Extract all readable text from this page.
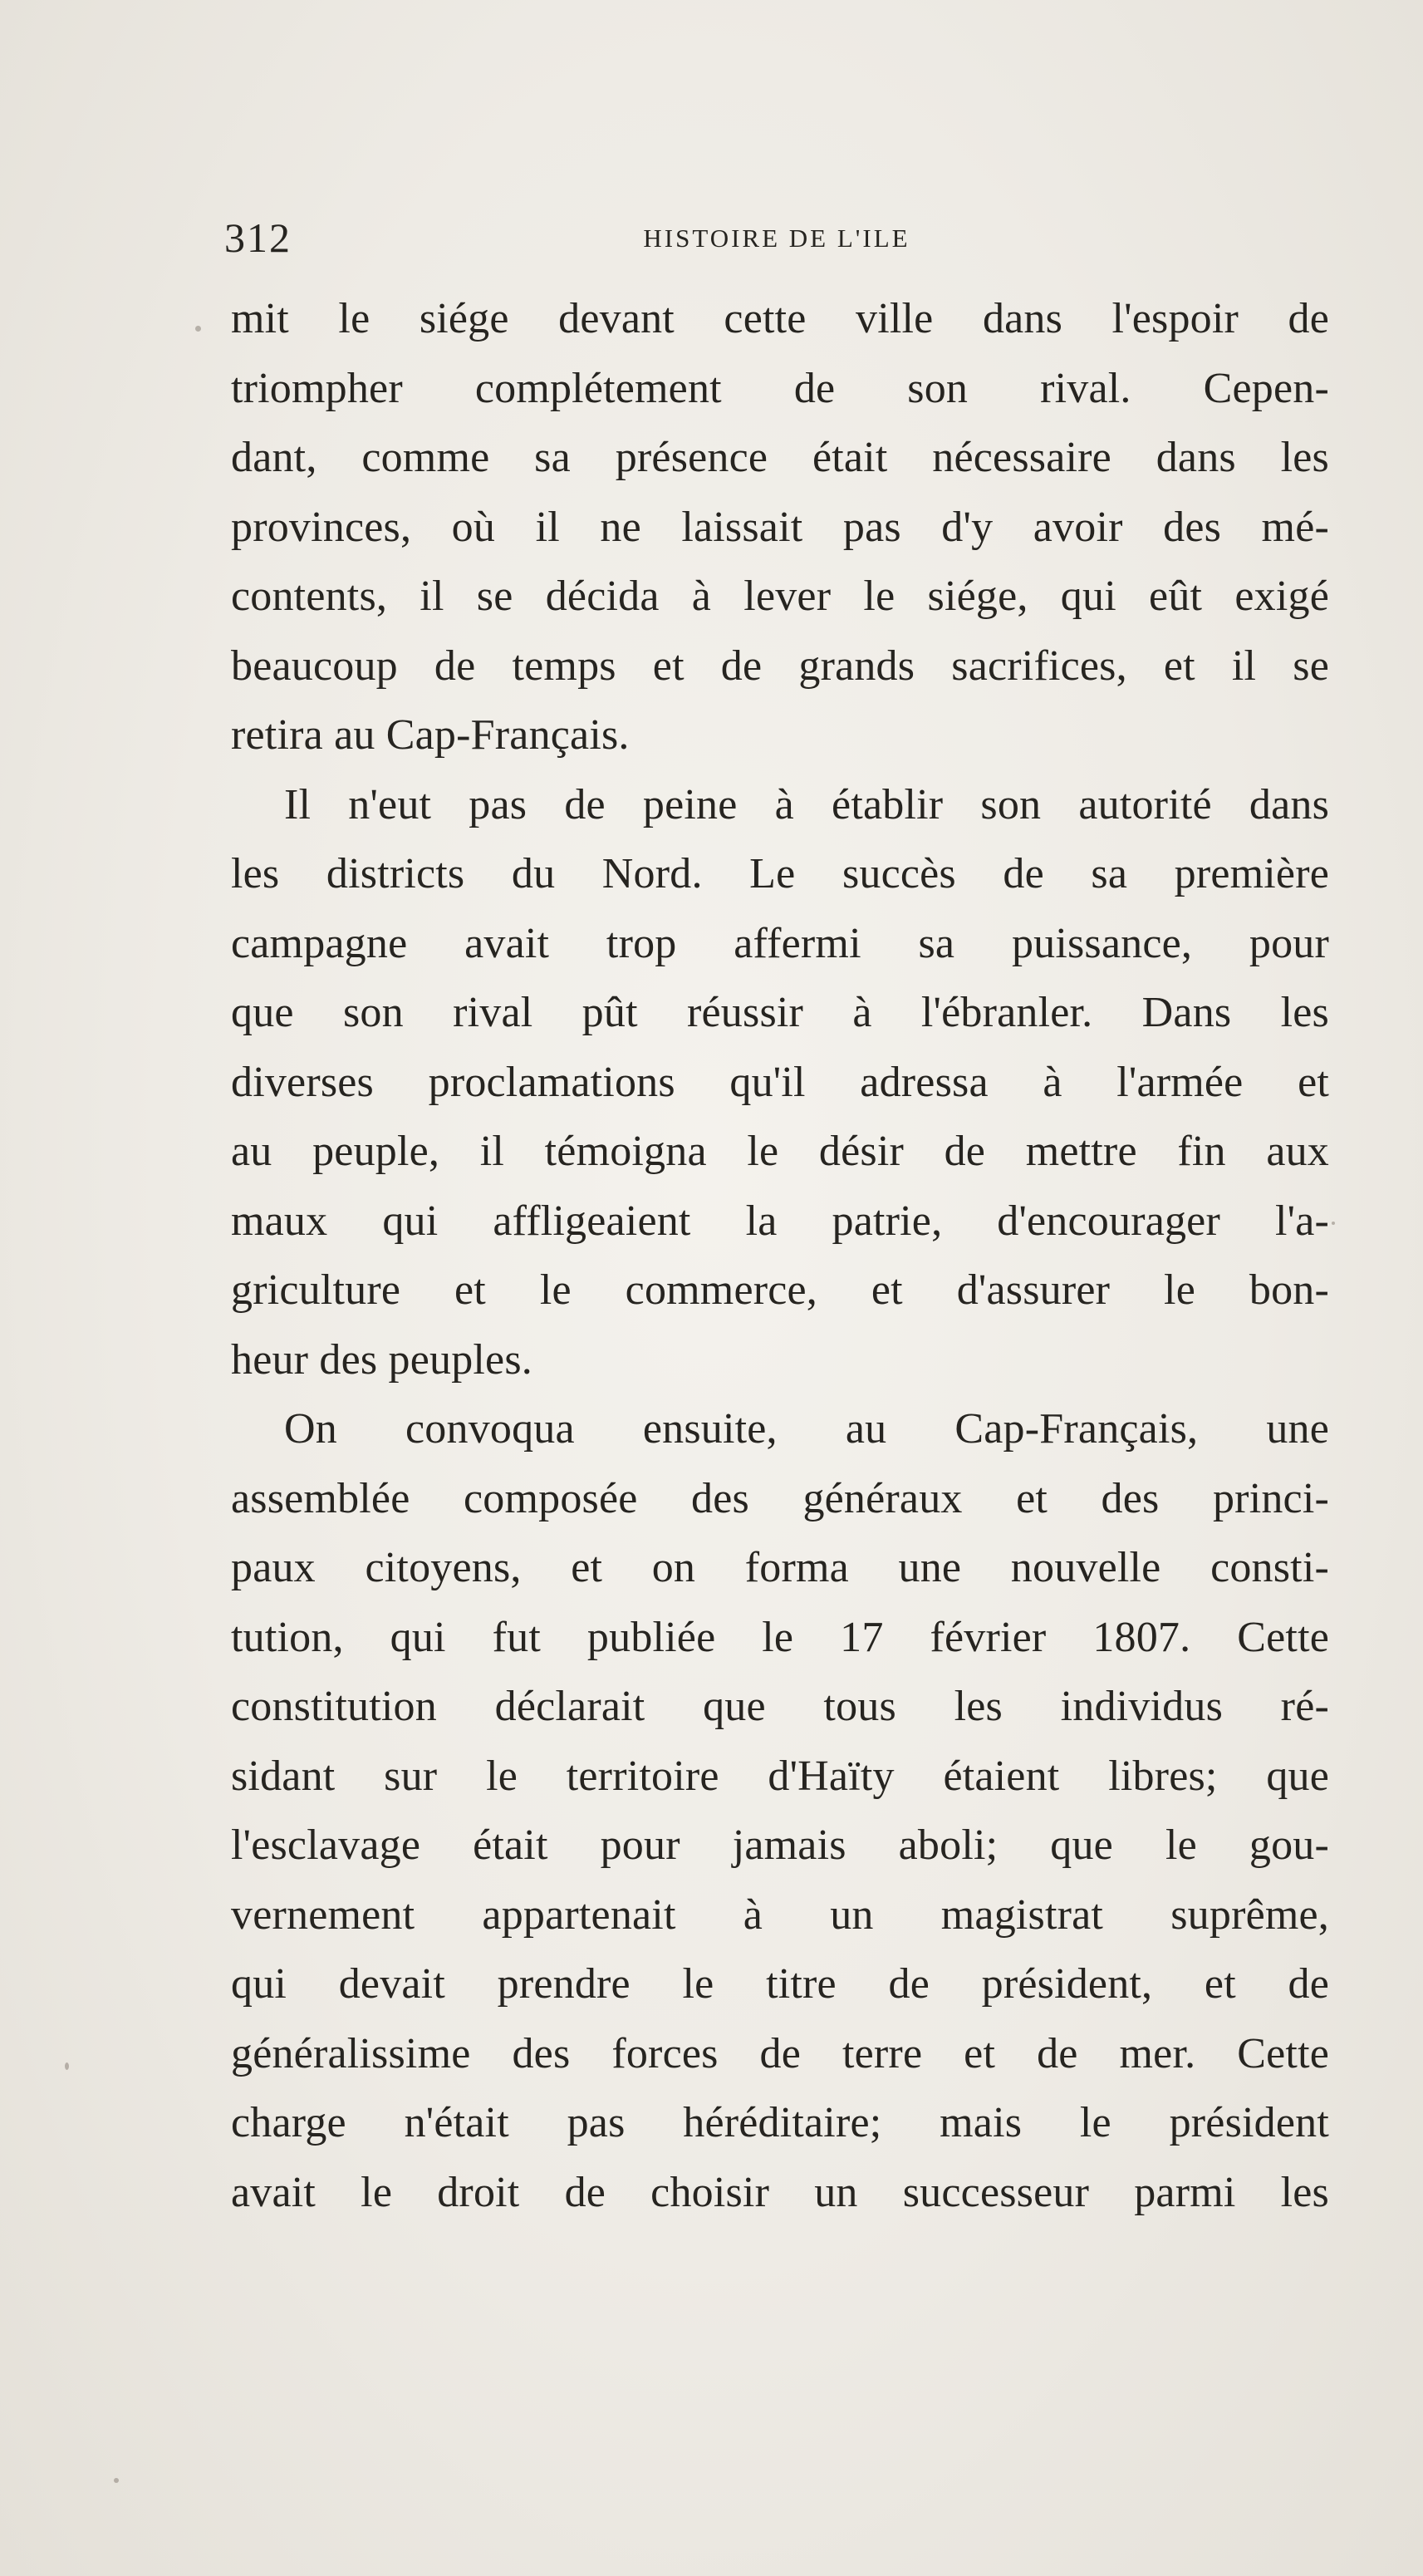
312	HISTOIRE DE L'ILE
mit le siége devant cette ville dans l'espoir de
triompher complétement de son rival. Cepen-
dant, comme sa présence était nécessaire dans les
provinces, où il ne laissait pas d'y avoir des mé-
contents, il se décida à lever le siége, qui eût exigé
beaucoup de temps et de grands sacrifices, et il se
retira au Cap-Français.
Il n'eut pas de peine à établir son autorité dans
les districts du Nord. Le succès de sa première
campagne avait trop affermi sa puissance, pour
que son rival pût réussir à l'ébranler. Dans les
diverses proclamations qu'il adressa à l'armée et
au peuple, il témoigna le désir de mettre fin aux
maux qui affligeaient la patrie, d'encourager l'a-
griculture et le commerce, et d'assurer le bon-
heur des peuples.
On convoqua ensuite, au Cap-Français, une
assemblée composée des généraux et des princi-
paux citoyens, et on forma une nouvelle consti-
tution, qui fut publiée le 17 février 1807. Cette
constitution déclarait que tous les individus ré-
sidant sur le territoire d'Haïty étaient libres; que
l'esclavage était pour jamais aboli; que le gou-
vernement appartenait à un magistrat suprême,
qui devait prendre le titre de président, et de
généralissime des forces de terre et de mer. Cette
charge n'était pas héréditaire; mais le président
avait le droit de choisir un successeur parmi les
